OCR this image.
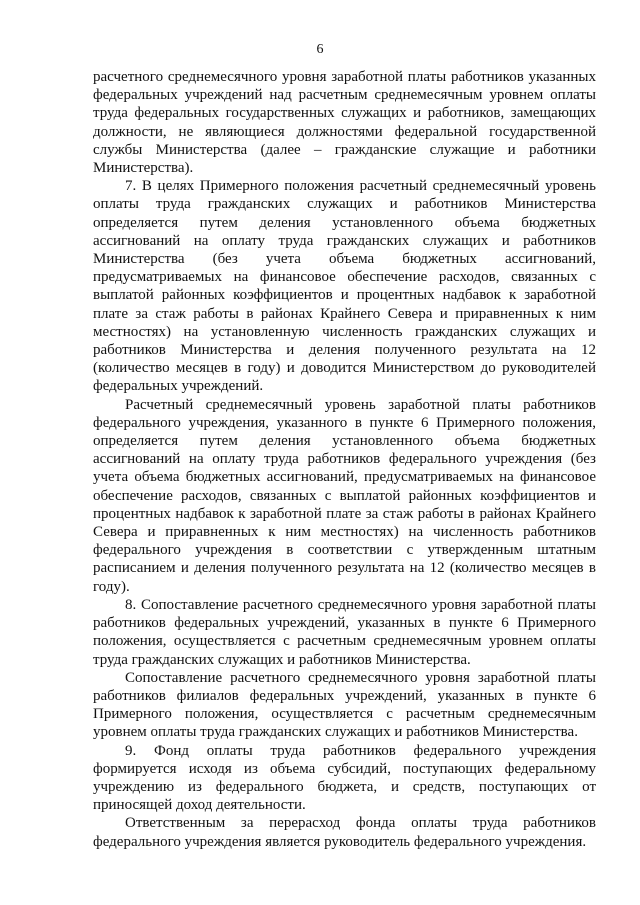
6

расчетного среднемесячного уровня заработной платы работников указанных федеральных учреждений над расчетным среднемесячным уровнем оплаты труда федеральных государственных служащих и работников, замещающих должности, не являющиеся должностями федеральной государственной службы Министерства (далее – гражданские служащие и работники Министерства).

7. В целях Примерного положения расчетный среднемесячный уровень оплаты труда гражданских служащих и работников Министерства определяется путем деления установленного объема бюджетных ассигнований на оплату труда гражданских служащих и работников Министерства (без учета объема бюджетных ассигнований, предусматриваемых на финансовое обеспечение расходов, связанных с выплатой районных коэффициентов и процентных надбавок к заработной плате за стаж работы в районах Крайнего Севера и приравненных к ним местностях) на установленную численность гражданских служащих и работников Министерства и деления полученного результата на 12 (количество месяцев в году) и доводится Министерством до руководителей федеральных учреждений.

Расчетный среднемесячный уровень заработной платы работников федерального учреждения, указанного в пункте 6 Примерного положения, определяется путем деления установленного объема бюджетных ассигнований на оплату труда работников федерального учреждения (без учета объема бюджетных ассигнований, предусматриваемых на финансовое обеспечение расходов, связанных с выплатой районных коэффициентов и процентных надбавок к заработной плате за стаж работы в районах Крайнего Севера и приравненных к ним местностях) на численность работников федерального учреждения в соответствии с утвержденным штатным расписанием и деления полученного результата на 12 (количество месяцев в году).

8. Сопоставление расчетного среднемесячного уровня заработной платы работников федеральных учреждений, указанных в пункте 6 Примерного положения, осуществляется с расчетным среднемесячным уровнем оплаты труда гражданских служащих и работников Министерства.

Сопоставление расчетного среднемесячного уровня заработной платы работников филиалов федеральных учреждений, указанных в пункте 6 Примерного положения, осуществляется с расчетным среднемесячным уровнем оплаты труда гражданских служащих и работников Министерства.

9. Фонд оплаты труда работников федерального учреждения формируется исходя из объема субсидий, поступающих федеральному учреждению из федерального бюджета, и средств, поступающих от приносящей доход деятельности.

Ответственным за перерасход фонда оплаты труда работников федерального учреждения является руководитель федерального учреждения.
